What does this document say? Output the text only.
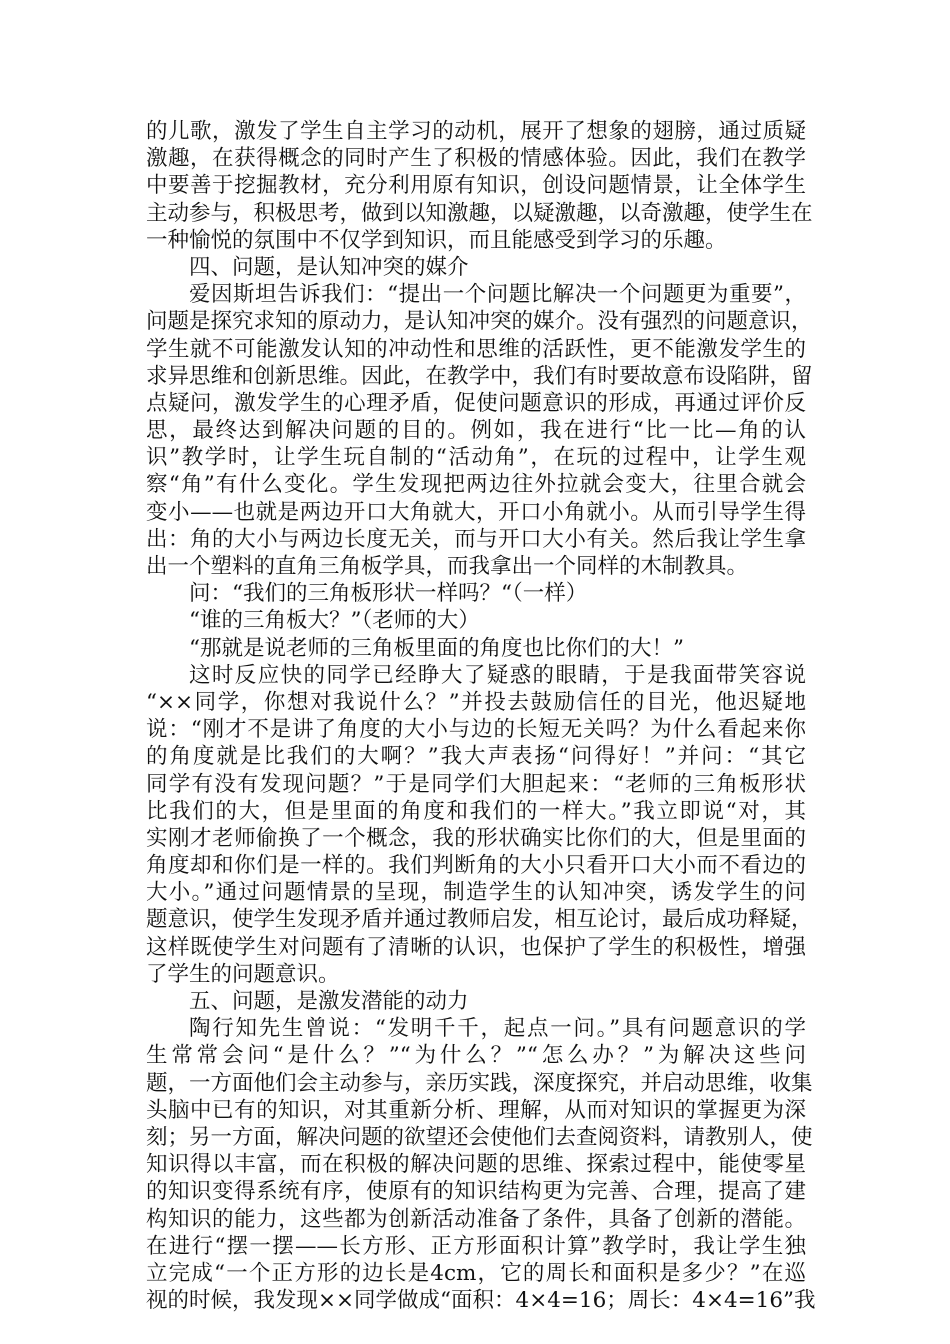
的儿歌，激发了学生自主学习的动机，展开了想象的翅膀，通过质疑
激趣，在获得概念的同时产生了积极的情感体验。因此，我们在教学
中要善于挖掘教材，充分利用原有知识，创设问题情景，让全体学生
主动参与，积极思考，做到以知激趣，以疑激趣，以奇激趣，使学生在
一种愉悦的氛围中不仅学到知识，而且能感受到学习的乐趣。
四、问题，是认知冲突的媒介
爱因斯坦告诉我们：“提出一个问题比解决一个问题更为重要”，
问题是探究求知的原动力，是认知冲突的媒介。没有强烈的问题意识，
学生就不可能激发认知的冲动性和思维的活跃性，更不能激发学生的
求异思维和创新思维。因此，在教学中，我们有时要故意布设陷阱，留
点疑问，激发学生的心理矛盾，促使问题意识的形成，再通过评价反
思，最终达到解决问题的目的。例如，我在进行“比一比—角的认
识”教学时，让学生玩自制的“活动角”，在玩的过程中，让学生观
察“角”有什么变化。学生发现把两边往外拉就会变大，往里合就会
变小——也就是两边开口大角就大，开口小角就小。从而引导学生得
出：角的大小与两边长度无关，而与开口大小有关。然后我让学生拿
出一个塑料的直角三角板学具，而我拿出一个同样的木制教具。
问：“我们的三角板形状一样吗？“（一样）
“谁的三角板大？”（老师的大）
“那就是说老师的三角板里面的角度也比你们的大！”
这时反应快的同学已经睁大了疑惑的眼睛，于是我面带笑容说
“××同学，你想对我说什么？”并投去鼓励信任的目光，他迟疑地
说：“刚才不是讲了角度的大小与边的长短无关吗？为什么看起来你
的角度就是比我们的大啊？”我大声表扬“问得好！”并问：“其它
同学有没有发现问题？”于是同学们大胆起来：“老师的三角板形状
比我们的大，但是里面的角度和我们的一样大。”我立即说“对，其
实刚才老师偷换了一个概念，我的形状确实比你们的大，但是里面的
角度却和你们是一样的。我们判断角的大小只看开口大小而不看边的
大小。”通过问题情景的呈现，制造学生的认知冲突，诱发学生的问
题意识，使学生发现矛盾并通过教师启发，相互论讨，最后成功释疑，
这样既使学生对问题有了清晰的认识，也保护了学生的积极性，增强
了学生的问题意识。
五、问题，是激发潜能的动力
陶行知先生曾说：“发明千千，起点一问。”具有问题意识的学
生常常会问“是什么？”“为什么？”“怎么办？”为解决这些问
题，一方面他们会主动参与，亲历实践，深度探究，并启动思维，收集
头脑中已有的知识，对其重新分析、理解，从而对知识的掌握更为深
刻；另一方面，解决问题的欲望还会使他们去查阅资料，请教别人，使
知识得以丰富，而在积极的解决问题的思维、探索过程中，能使零星
的知识变得系统有序，使原有的知识结构更为完善、合理，提高了建
构知识的能力，这些都为创新活动准备了条件，具备了创新的潜能。
在进行“摆一摆——长方形、正方形面积计算”教学时，我让学生独
立完成“一个正方形的边长是4cm，它的周长和面积是多少？”在巡
视的时候，我发现××同学做成“面积：4×4=16；周长：4×4=16”我
